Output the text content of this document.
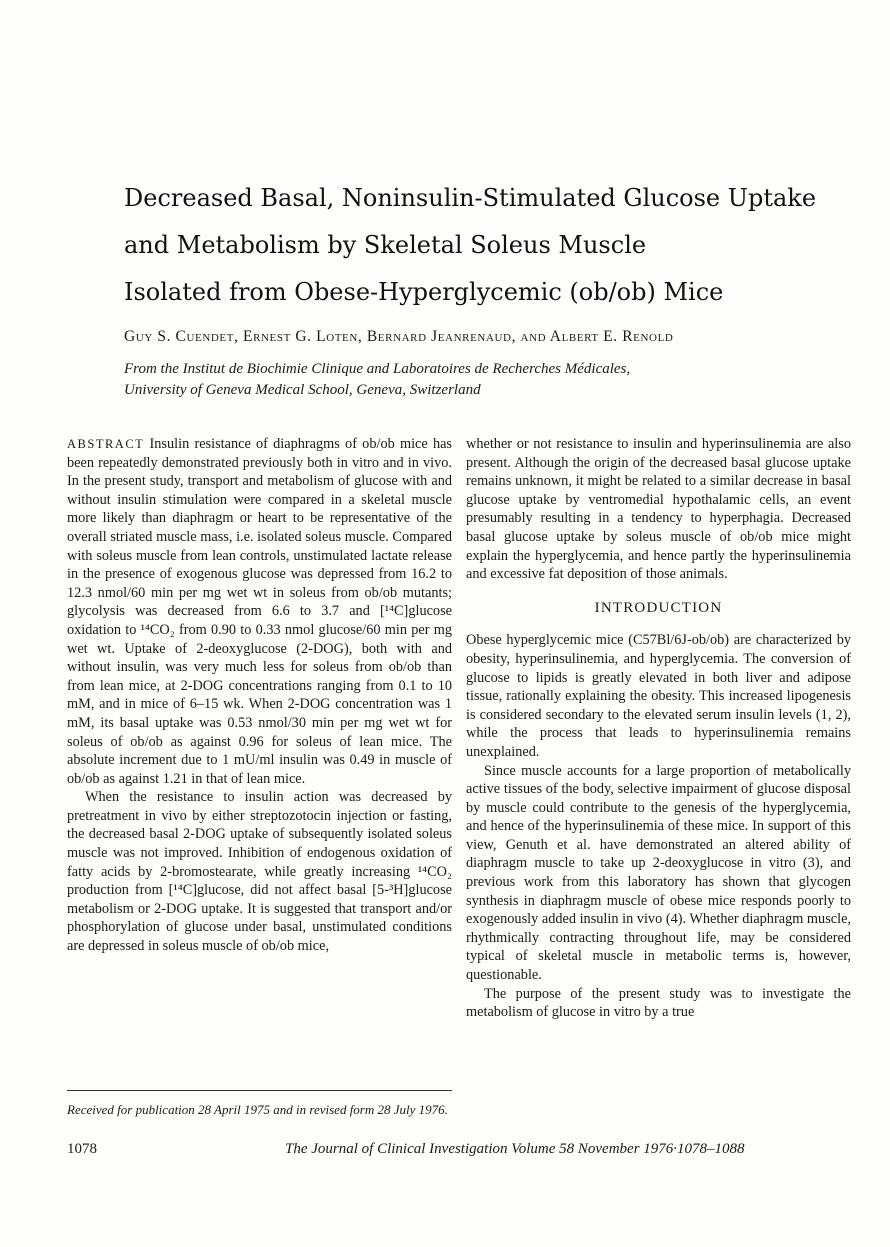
Decreased Basal, Noninsulin-Stimulated Glucose Uptake
and Metabolism by Skeletal Soleus Muscle
Isolated from Obese-Hyperglycemic (ob/ob) Mice
Guy S. Cuendet, Ernest G. Loten, Bernard Jeanrenaud, and Albert E. Renold
From the Institut de Biochimie Clinique and Laboratoires de Recherches Médicales,
University of Geneva Medical School, Geneva, Switzerland

ABSTRACT Insulin resistance of diaphragms of ob/ob mice has been repeatedly demonstrated previously both in vitro and in vivo. In the present study, transport and metabolism of glucose with and without insulin stimulation were compared in a skeletal muscle more likely than diaphragm or heart to be representative of the overall striated muscle mass, i.e. isolated soleus muscle. Compared with soleus muscle from lean controls, unstimulated lactate release in the presence of exogenous glucose was depressed from 16.2 to 12.3 nmol/60 min per mg wet wt in soleus from ob/ob mutants; glycolysis was decreased from 6.6 to 3.7 and [¹⁴C]glucose oxidation to ¹⁴CO₂ from 0.90 to 0.33 nmol glucose/60 min per mg wet wt. Uptake of 2-deoxyglucose (2-DOG), both with and without insulin, was very much less for soleus from ob/ob than from lean mice, at 2-DOG concentrations ranging from 0.1 to 10 mM, and in mice of 6–15 wk. When 2-DOG concentration was 1 mM, its basal uptake was 0.53 nmol/30 min per mg wet wt for soleus of ob/ob as against 0.96 for soleus of lean mice. The absolute increment due to 1 mU/ml insulin was 0.49 in muscle of ob/ob as against 1.21 in that of lean mice.

When the resistance to insulin action was decreased by pretreatment in vivo by either streptozotocin injection or fasting, the decreased basal 2-DOG uptake of subsequently isolated soleus muscle was not improved. Inhibition of endogenous oxidation of fatty acids by 2-bromostearate, while greatly increasing ¹⁴CO₂ production from [¹⁴C]glucose, did not affect basal [5-³H]glucose metabolism or 2-DOG uptake. It is suggested that transport and/or phosphorylation of glucose under basal, unstimulated conditions are depressed in soleus muscle of ob/ob mice,

whether or not resistance to insulin and hyperinsulinemia are also present. Although the origin of the decreased basal glucose uptake remains unknown, it might be related to a similar decrease in basal glucose uptake by ventromedial hypothalamic cells, an event presumably resulting in a tendency to hyperphagia. Decreased basal glucose uptake by soleus muscle of ob/ob mice might explain the hyperglycemia, and hence partly the hyperinsulinemia and excessive fat deposition of those animals.

INTRODUCTION

Obese hyperglycemic mice (C57Bl/6J-ob/ob) are characterized by obesity, hyperinsulinemia, and hyperglycemia. The conversion of glucose to lipids is greatly elevated in both liver and adipose tissue, rationally explaining the obesity. This increased lipogenesis is considered secondary to the elevated serum insulin levels (1, 2), while the process that leads to hyperinsulinemia remains unexplained.

Since muscle accounts for a large proportion of metabolically active tissues of the body, selective impairment of glucose disposal by muscle could contribute to the genesis of the hyperglycemia, and hence of the hyperinsulinemia of these mice. In support of this view, Genuth et al. have demonstrated an altered ability of diaphragm muscle to take up 2-deoxyglucose in vitro (3), and previous work from this laboratory has shown that glycogen synthesis in diaphragm muscle of obese mice responds poorly to exogenously added insulin in vivo (4). Whether diaphragm muscle, rhythmically contracting throughout life, may be considered typical of skeletal muscle in metabolic terms is, however, questionable.

The purpose of the present study was to investigate the metabolism of glucose in vitro by a true

Received for publication 28 April 1975 and in revised form 28 July 1976.
1078	The Journal of Clinical Investigation Volume 58 November 1976·1078–1088
